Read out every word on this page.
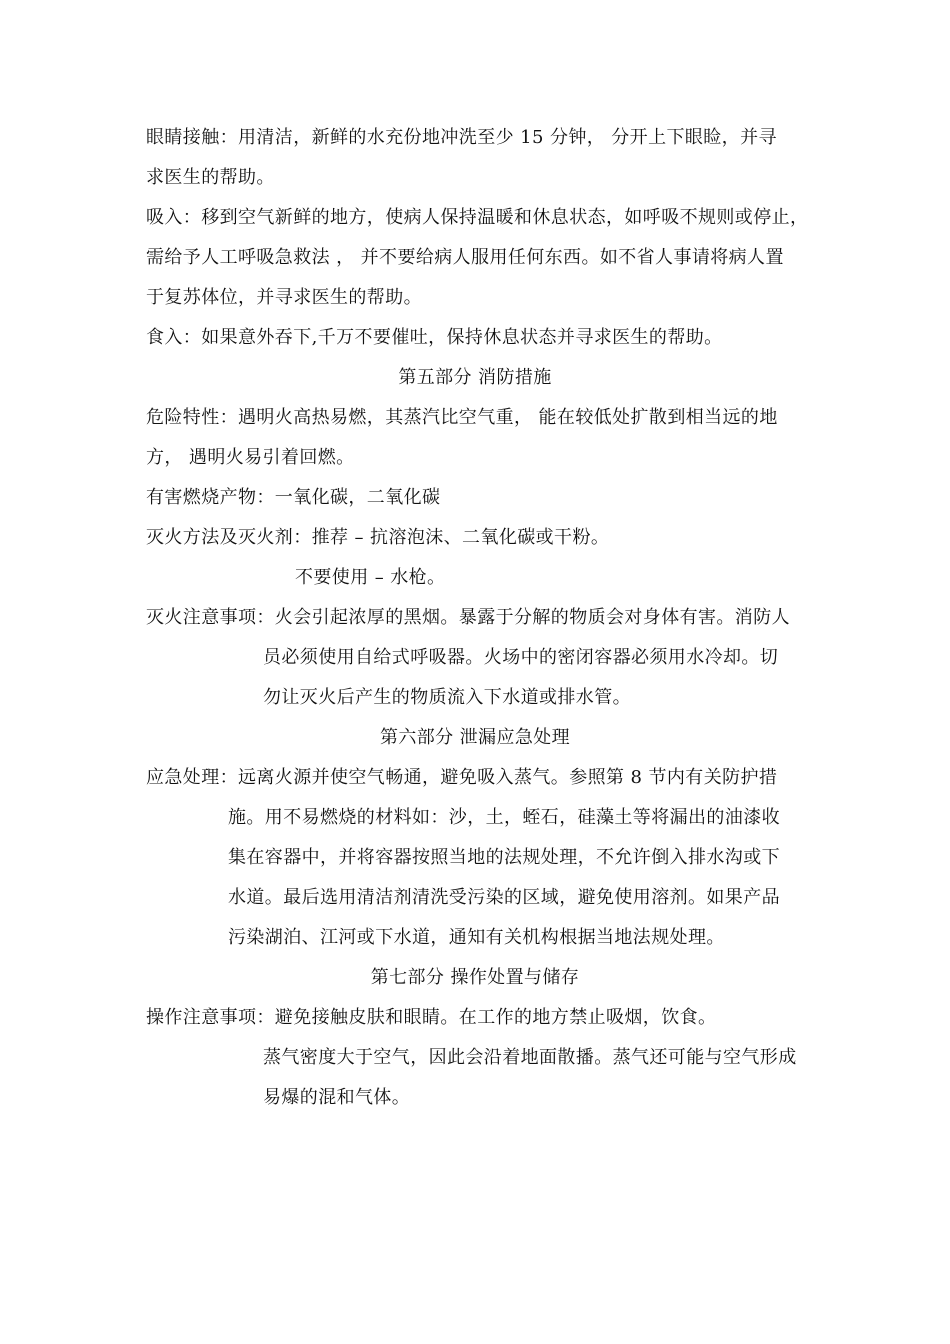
眼睛接触：用清洁，新鲜的水充份地冲洗至少 15 分钟， 分开上下眼睑，并寻
求医生的帮助。
吸入：移到空气新鲜的地方，使病人保持温暖和休息状态，如呼吸不规则或停止，
需给予人工呼吸急救法 ， 并不要给病人服用任何东西。如不省人事请将病人置
于复苏体位，并寻求医生的帮助。
食入：如果意外吞下,千万不要催吐，保持休息状态并寻求医生的帮助。
第五部分 消防措施
危险特性：遇明火高热易燃，其蒸汽比空气重， 能在较低处扩散到相当远的地
方， 遇明火易引着回燃。
有害燃烧产物：一氧化碳，二氧化碳
灭火方法及灭火剂：推荐 – 抗溶泡沫、二氧化碳或干粉。
不要使用 – 水枪。
灭火注意事项：火会引起浓厚的黑烟。暴露于分解的物质会对身体有害。消防人
员必须使用自给式呼吸器。火场中的密闭容器必须用水冷却。切
勿让灭火后产生的物质流入下水道或排水管。
第六部分 泄漏应急处理
应急处理：远离火源并使空气畅通，避免吸入蒸气。参照第 8 节内有关防护措
施。用不易燃烧的材料如：沙，土，蛭石，硅藻土等将漏出的油漆收
集在容器中，并将容器按照当地的法规处理，不允许倒入排水沟或下
水道。最后选用清洁剂清洗受污染的区域，避免使用溶剂。如果产品
污染湖泊、江河或下水道，通知有关机构根据当地法规处理。
第七部分 操作处置与储存
操作注意事项：避免接触皮肤和眼睛。在工作的地方禁止吸烟，饮食。
蒸气密度大于空气，因此会沿着地面散播。蒸气还可能与空气形成
易爆的混和气体。
